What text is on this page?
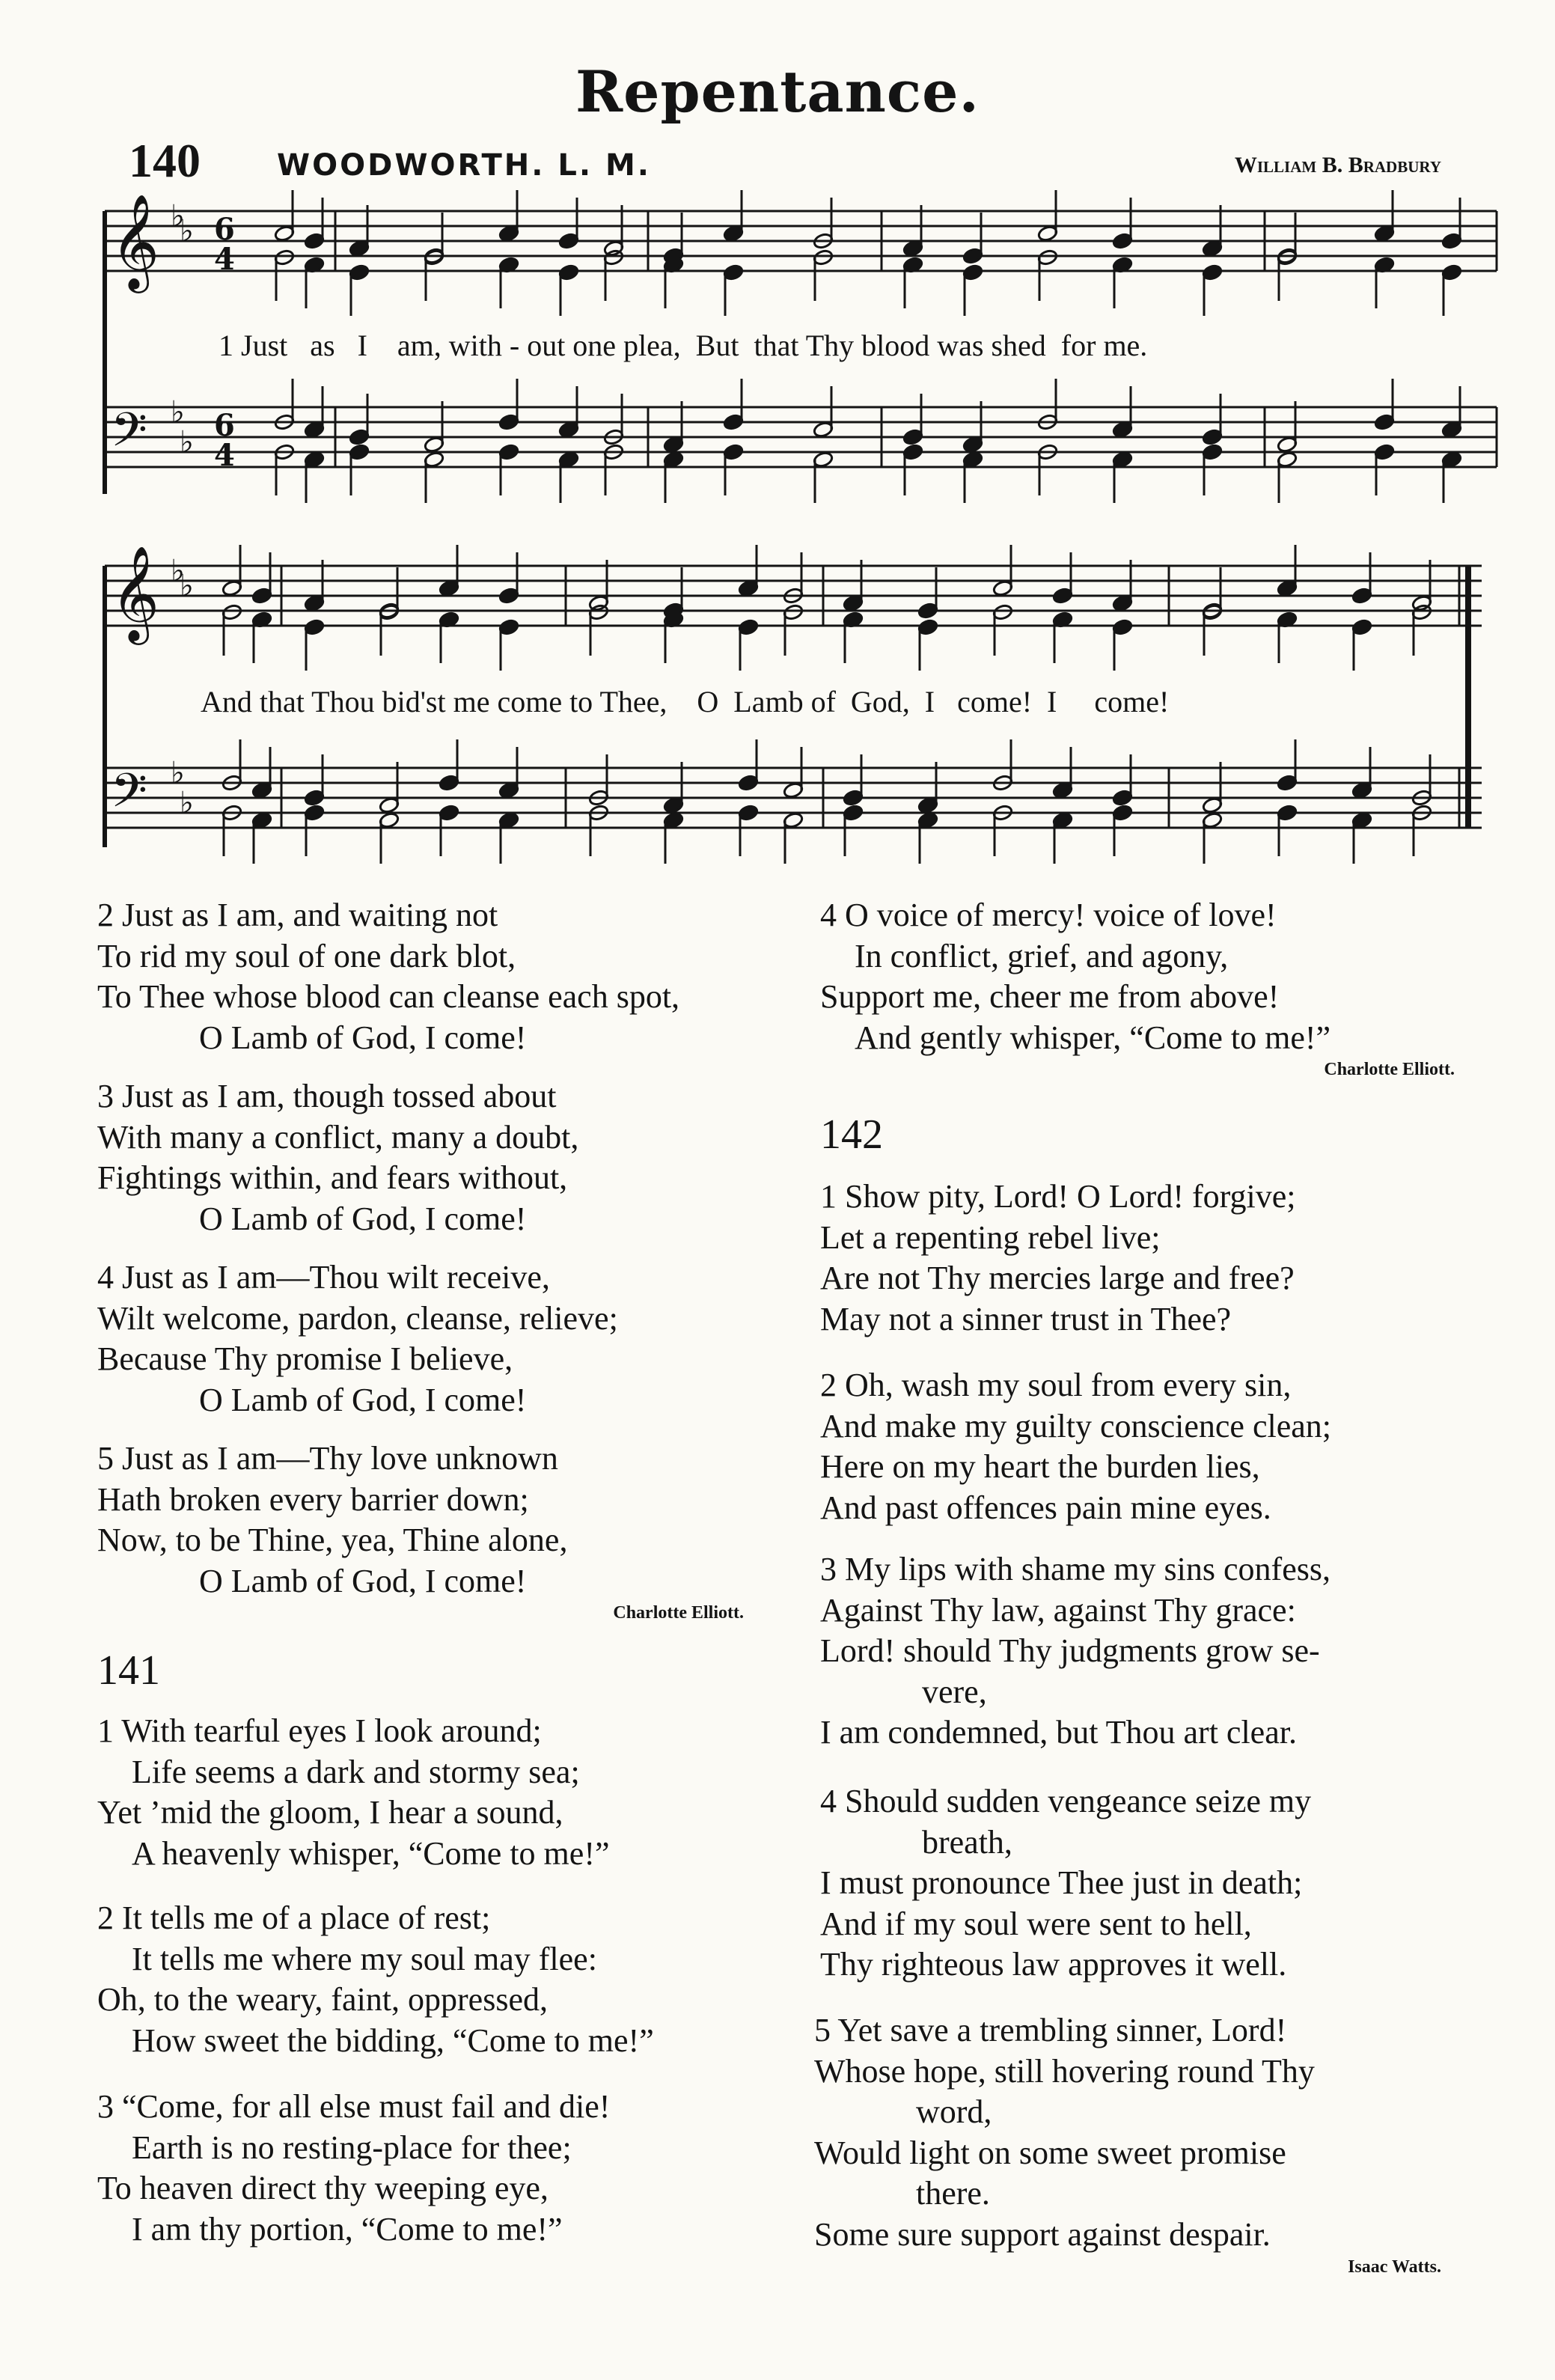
Repentance.
140	WOODWORTH. L. M.	William B. Bradbury
𝄞
𝄢
𝄞
𝄢
♭
♭
♭
♭
♭
♭
♭
♭
6
4
6
4
1 Just   as   I    am, with - out one plea,  But  that Thy blood was shed  for me.
And that Thou bid'st me come to Thee,    O  Lamb of  God,  I   come!  I     come!
2 Just as I am, and waiting not
To rid my soul of one dark blot,
To Thee whose blood can cleanse each spot,
O Lamb of God, I come!
3 Just as I am, though tossed about
With many a conflict, many a doubt,
Fightings within, and fears without,
O Lamb of God, I come!
4 Just as I am—Thou wilt receive,
Wilt welcome, pardon, cleanse, relieve;
Because Thy promise I believe,
O Lamb of God, I come!
5 Just as I am—Thy love unknown
Hath broken every barrier down;
Now, to be Thine, yea, Thine alone,
O Lamb of God, I come!
Charlotte Elliott.
141
1 With tearful eyes I look around;
Life seems a dark and stormy sea;
Yet ’mid the gloom, I hear a sound,
A heavenly whisper, “Come to me!”
2 It tells me of a place of rest;
It tells me where my soul may flee:
Oh, to the weary, faint, oppressed,
How sweet the bidding, “Come to me!”
3 “Come, for all else must fail and die!
Earth is no resting-place for thee;
To heaven direct thy weeping eye,
I am thy portion, “Come to me!”
4 O voice of mercy! voice of love!
In conflict, grief, and agony,
Support me, cheer me from above!
And gently whisper, “Come to me!”
Charlotte Elliott.
142
1 Show pity, Lord! O Lord! forgive;
Let a repenting rebel live;
Are not Thy mercies large and free?
May not a sinner trust in Thee?
2 Oh, wash my soul from every sin,
And make my guilty conscience clean;
Here on my heart the burden lies,
And past offences pain mine eyes.
3 My lips with shame my sins confess,
Against Thy law, against Thy grace:
Lord! should Thy judgments grow se-
vere,
I am condemned, but Thou art clear.
4 Should sudden vengeance seize my
breath,
I must pronounce Thee just in death;
And if my soul were sent to hell,
Thy righteous law approves it well.
5 Yet save a trembling sinner, Lord!
Whose hope, still hovering round Thy
word,
Would light on some sweet promise
there.
Some sure support against despair.
Isaac Watts.
